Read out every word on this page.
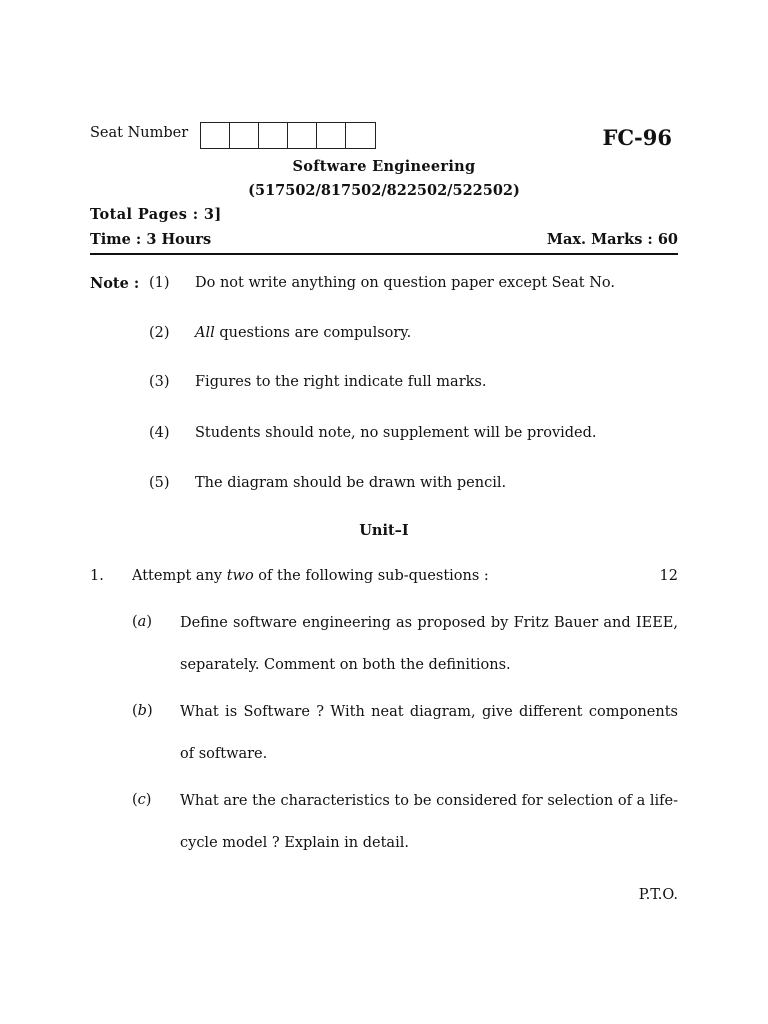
Seat Number	FC-96
Software Engineering
(517502/817502/822502/522502)
Total Pages : 3]
Time : 3 Hours	Max. Marks : 60
Note : (1) Do not write anything on question paper except Seat No.
(2) All questions are compulsory.
(3) Figures to the right indicate full marks.
(4) Students should note, no supplement will be provided.
(5) The diagram should be drawn with pencil.
Unit–I
1. Attempt any two of the following sub-questions :	12
(a) Define software engineering as proposed by Fritz Bauer and IEEE, separately. Comment on both the definitions.
(b) What is Software ? With neat diagram, give different components of software.
(c) What are the characteristics to be considered for selection of a life-cycle model ? Explain in detail.
P.T.O.
